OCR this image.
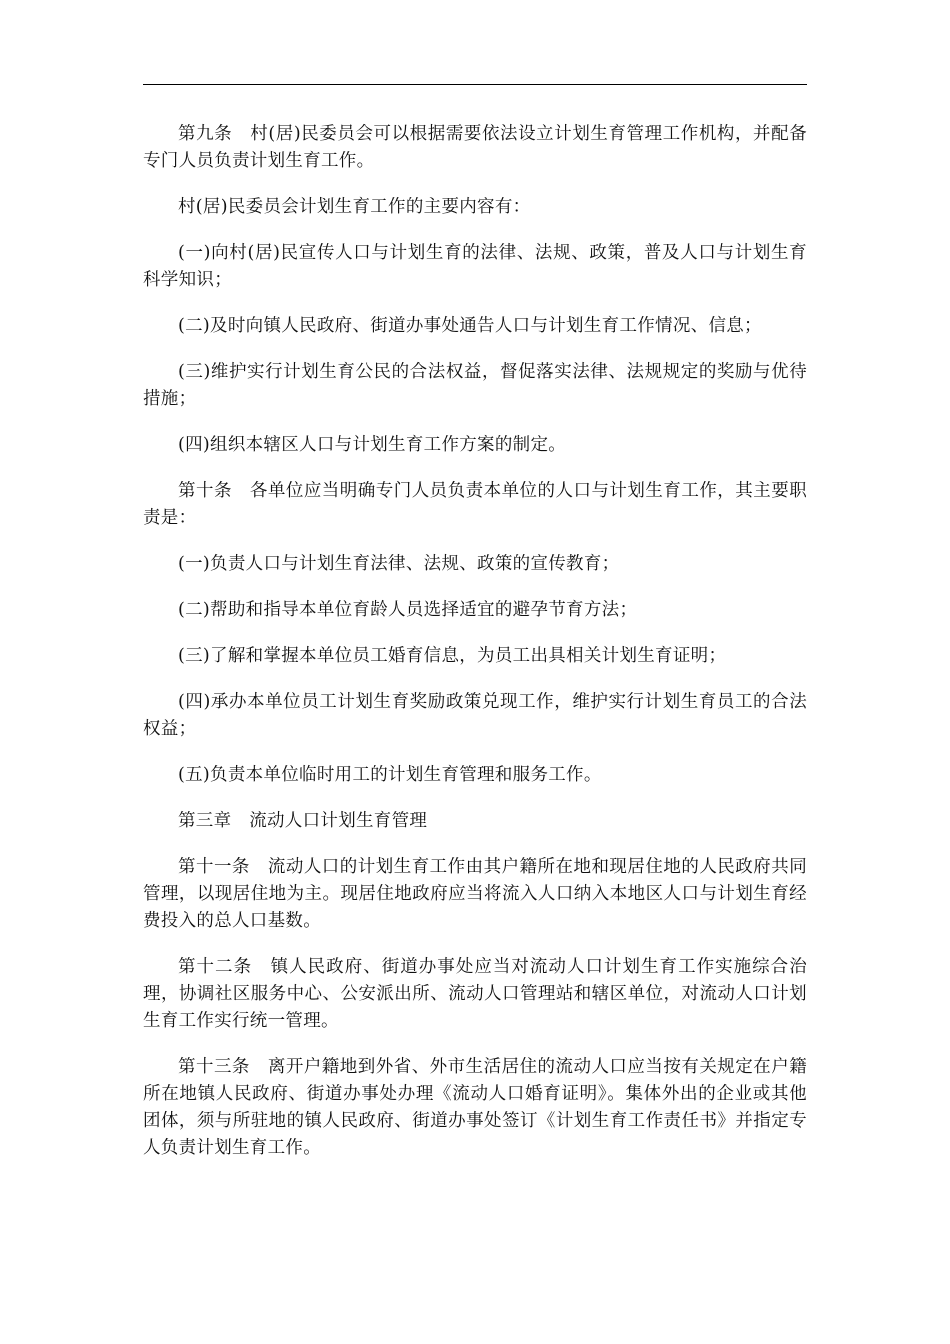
第九条　村(居)民委员会可以根据需要依法设立计划生育管理工作机构，并配备专门人员负责计划生育工作。

村(居)民委员会计划生育工作的主要内容有：

(一)向村(居)民宣传人口与计划生育的法律、法规、政策，普及人口与计划生育科学知识；

(二)及时向镇人民政府、街道办事处通告人口与计划生育工作情况、信息；

(三)维护实行计划生育公民的合法权益，督促落实法律、法规规定的奖励与优待措施；

(四)组织本辖区人口与计划生育工作方案的制定。

第十条　各单位应当明确专门人员负责本单位的人口与计划生育工作，其主要职责是：

(一)负责人口与计划生育法律、法规、政策的宣传教育；

(二)帮助和指导本单位育龄人员选择适宜的避孕节育方法；

(三)了解和掌握本单位员工婚育信息，为员工出具相关计划生育证明；

(四)承办本单位员工计划生育奖励政策兑现工作，维护实行计划生育员工的合法权益；

(五)负责本单位临时用工的计划生育管理和服务工作。

第三章　流动人口计划生育管理

第十一条　流动人口的计划生育工作由其户籍所在地和现居住地的人民政府共同管理，以现居住地为主。现居住地政府应当将流入人口纳入本地区人口与计划生育经费投入的总人口基数。

第十二条　镇人民政府、街道办事处应当对流动人口计划生育工作实施综合治理，协调社区服务中心、公安派出所、流动人口管理站和辖区单位，对流动人口计划生育工作实行统一管理。

第十三条　离开户籍地到外省、外市生活居住的流动人口应当按有关规定在户籍所在地镇人民政府、街道办事处办理《流动人口婚育证明》。集体外出的企业或其他团体，须与所驻地的镇人民政府、街道办事处签订《计划生育工作责任书》并指定专人负责计划生育工作。
